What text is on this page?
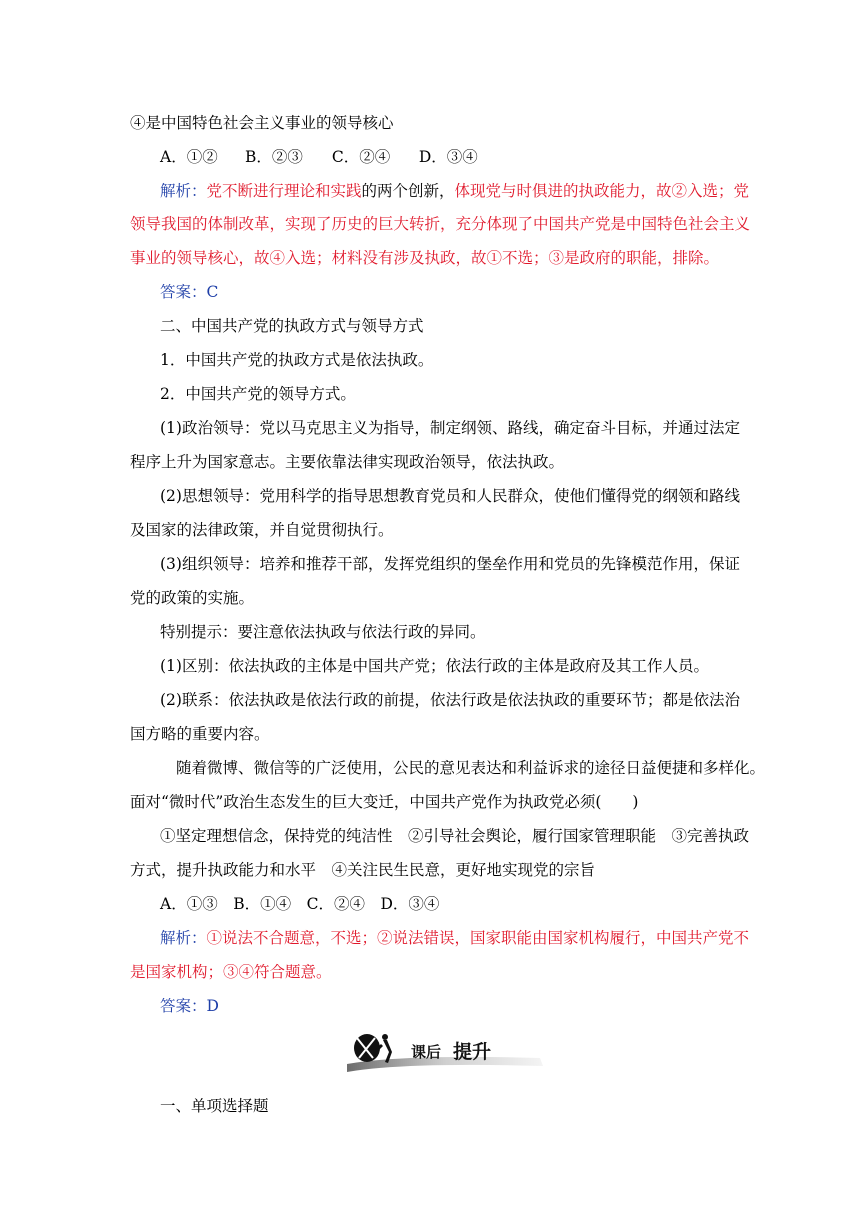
④是中国特色社会主义事业的领导核心
A．①② B．②③ C．②④ D．③④
解析：党不断进行理论和实践的两个创新，体现党与时俱进的执政能力，故②入选；党
领导我国的体制改革，实现了历史的巨大转折，充分体现了中国共产党是中国特色社会主义
事业的领导核心，故④入选；材料没有涉及执政，故①不选；③是政府的职能，排除。
答案：C
二、中国共产党的执政方式与领导方式
1．中国共产党的执政方式是依法执政。
2．中国共产党的领导方式。
(1)政治领导：党以马克思主义为指导，制定纲领、路线，确定奋斗目标，并通过法定
程序上升为国家意志。主要依靠法律实现政治领导，依法执政。
(2)思想领导：党用科学的指导思想教育党员和人民群众，使他们懂得党的纲领和路线
及国家的法律政策，并自觉贯彻执行。
(3)组织领导：培养和推荐干部，发挥党组织的堡垒作用和党员的先锋模范作用，保证
党的政策的实施。
特别提示：要注意依法执政与依法行政的异同。
(1)区别：依法执政的主体是中国共产党；依法行政的主体是政府及其工作人员。
(2)联系：依法执政是依法行政的前提，依法行政是依法执政的重要环节；都是依法治
国方略的重要内容。
随着微博、微信等的广泛使用，公民的意见表达和利益诉求的途径日益便捷和多样化。
面对“微时代”政治生态发生的巨大变迁，中国共产党作为执政党必须(　　)
①坚定理想信念，保持党的纯洁性　②引导社会舆论，履行国家管理职能　③完善执政
方式，提升执政能力和水平　④关注民生民意，更好地实现党的宗旨
A．①③　B．①④　C．②④　D．③④
解析：①说法不合题意，不选；②说法错误，国家职能由国家机构履行，中国共产党不
是国家机构；③④符合题意。
答案：D
课后 提升
一、单项选择题
